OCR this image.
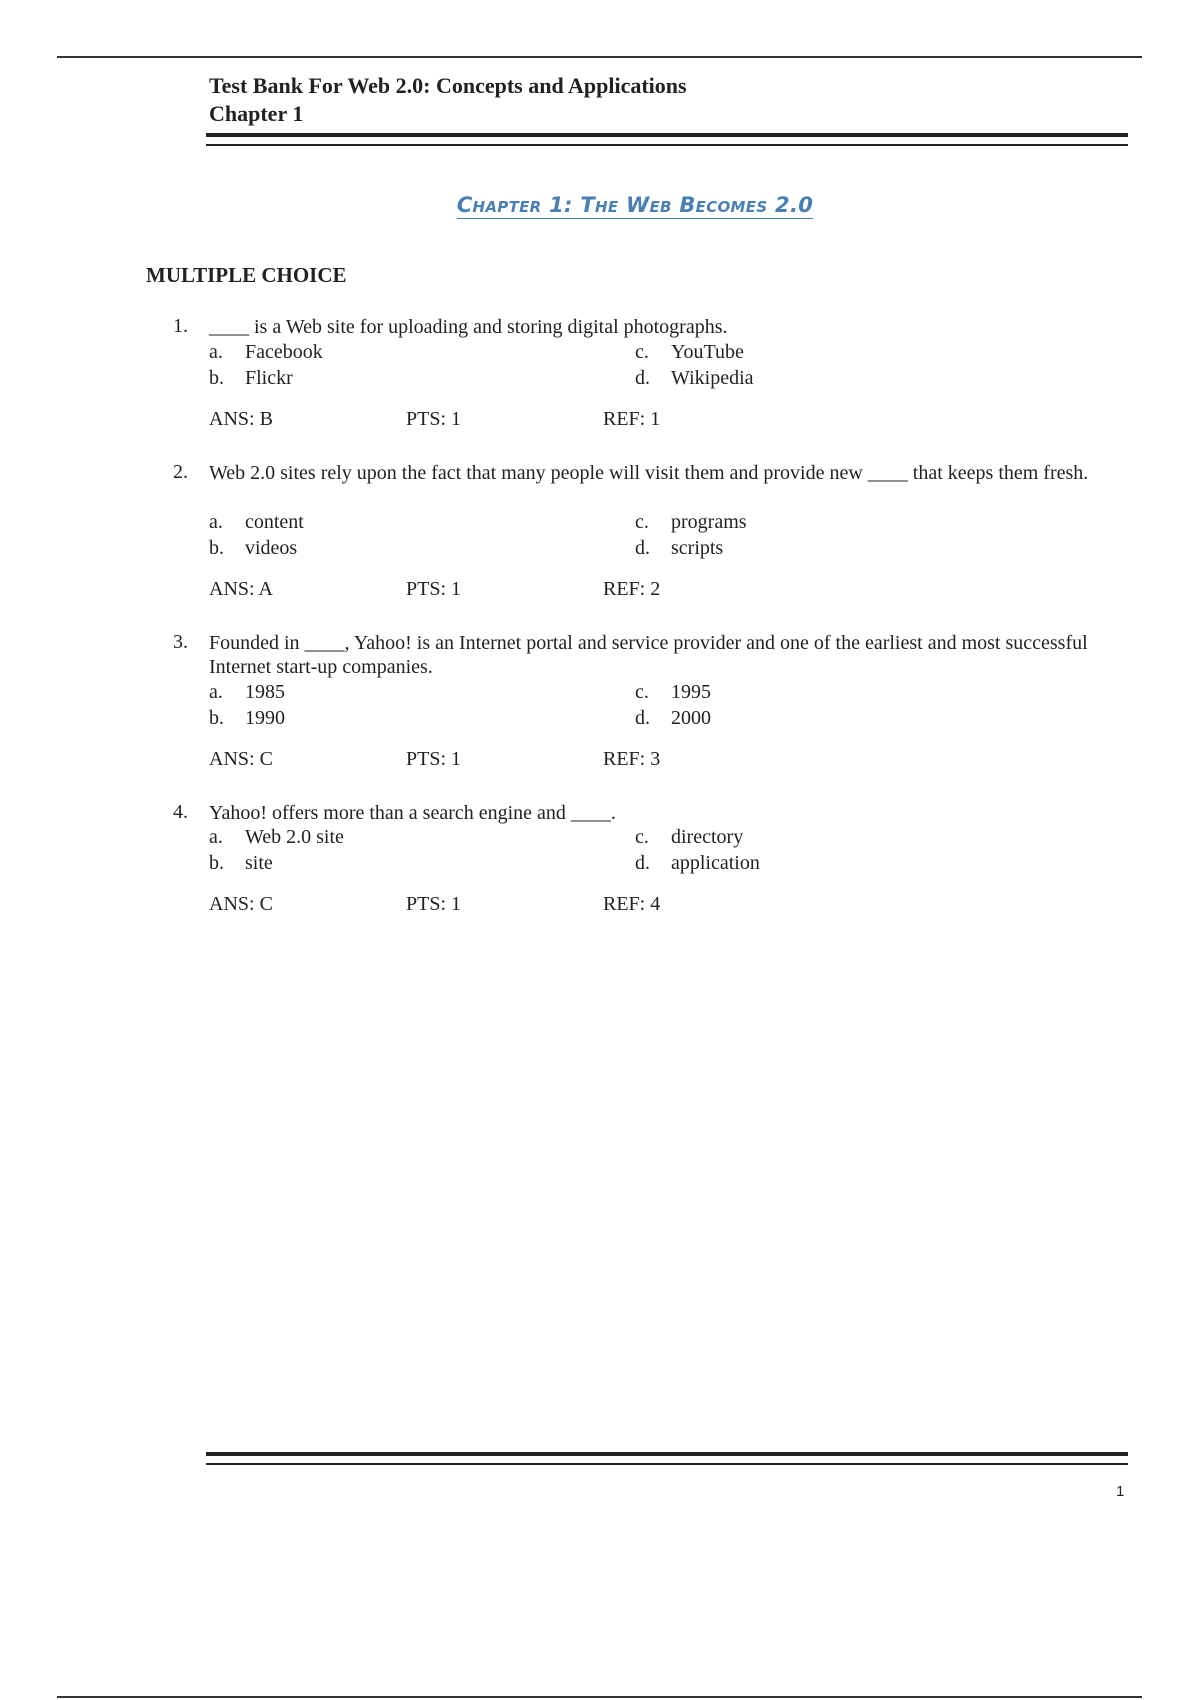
Test Bank For Web 2.0: Concepts and Applications
Chapter 1
Chapter 1: The Web Becomes 2.0
MULTIPLE CHOICE
1. ____ is a Web site for uploading and storing digital photographs.
a. Facebook
b. Flickr
c. YouTube
d. Wikipedia
ANS: B	PTS: 1	REF: 1
2. Web 2.0 sites rely upon the fact that many people will visit them and provide new ____ that keeps them fresh.
a. content
b. videos
c. programs
d. scripts
ANS: A	PTS: 1	REF: 2
3. Founded in ____, Yahoo! is an Internet portal and service provider and one of the earliest and most successful Internet start-up companies.
a. 1985
b. 1990
c. 1995
d. 2000
ANS: C	PTS: 1	REF: 3
4. Yahoo! offers more than a search engine and ____.
a. Web 2.0 site
b. site
c. directory
d. application
ANS: C	PTS: 1	REF: 4
1
